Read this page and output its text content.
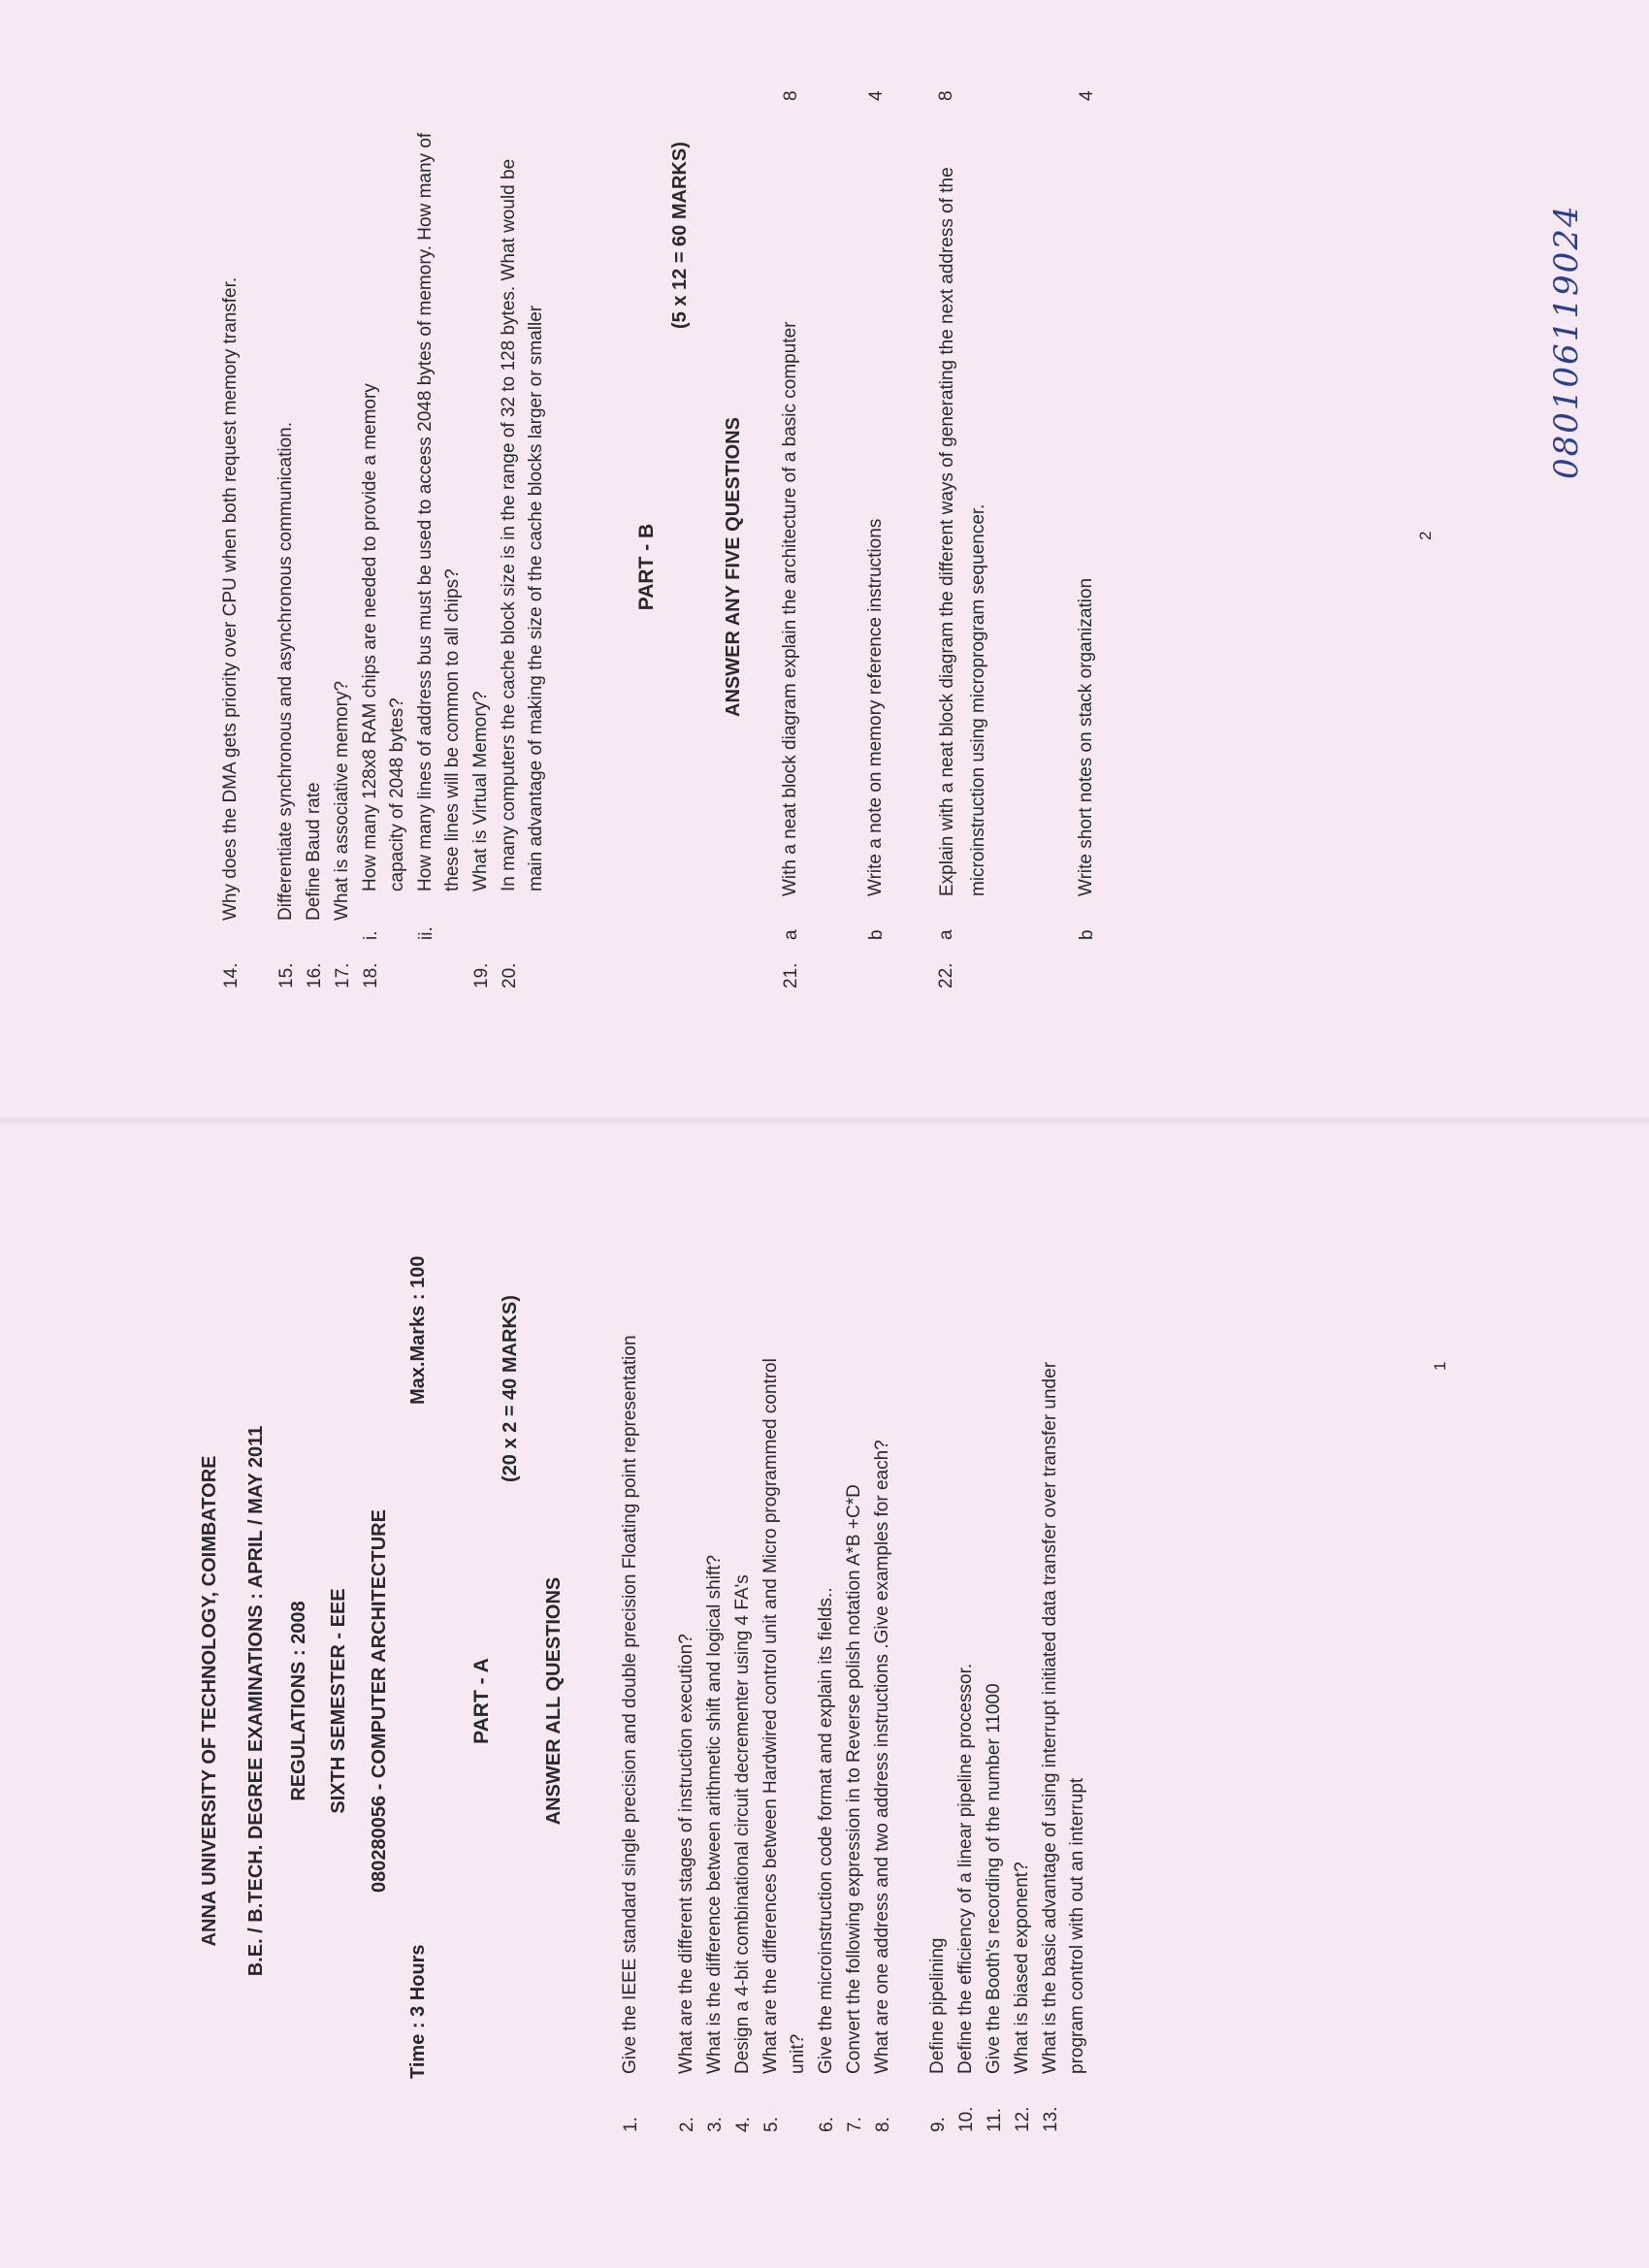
ANNA UNIVERSITY OF TECHNOLOGY, COIMBATORE B.E. / B.TECH. DEGREE EXAMINATIONS : APRIL / MAY 2011 REGULATIONS : 2008 SIXTH SEMESTER - EEE 080280056 - COMPUTER ARCHITECTURE
Time : 3 Hours
Max.Marks : 100
PART - A
(20 x 2 = 40 MARKS)
ANSWER ALL QUESTIONS
1.
Give the IEEE standard single precision and double precision Floating point representation
2.
What are the different stages of instruction execution?
3.
What is the difference between arithmetic shift and logical shift?
4.
Design a 4-bit combinational circuit decrementer using 4 FA's
5.
What are the differences between Hardwired control unit and Micro programmed control unit?
6.
Give the microinstruction code format and explain its fields..
7.
Convert the following expression in to Reverse polish notation A*B +C*D
8.
What are one address and two address instructions .Give examples for each?
9.
Define pipelining
10.
Define the efficiency of a linear pipeline processor.
11.
Give the Booth's recording of the number 11000
12.
What is biased exponent?
13.
What is the basic advantage of using interrupt initiated data transfer over transfer under program control with out an interrupt
1
14.
Why does the DMA gets priority over CPU when both request memory transfer.
15.
Differentiate synchronous and asynchronous communication.
16.
Define Baud rate
17.
What is associative memory?
18.
i.
How many 128x8 RAM chips are needed to provide a memory capacity of 2048 bytes?
ii.
How many lines of address bus must be used to access 2048 bytes of memory. How many of these lines will be common to all chips?
19.
What is Virtual Memory?
20.
In many computers the cache block size is in the range of 32 to 128 bytes. What would be main advantage of making the size of the cache blocks larger or smaller	PART - B
(5 x 12 = 60 MARKS)
ANSWER ANY FIVE QUESTIONS
21.
a
With a neat block diagram explain the architecture of a basic computer
8
b
Write a note on memory reference instructions
4
22.
a
Explain with a neat block diagram the different ways of generating the next address of the microinstruction using microprogram sequencer.
8
b
Write short notes on stack organization
4
2
080106119024
